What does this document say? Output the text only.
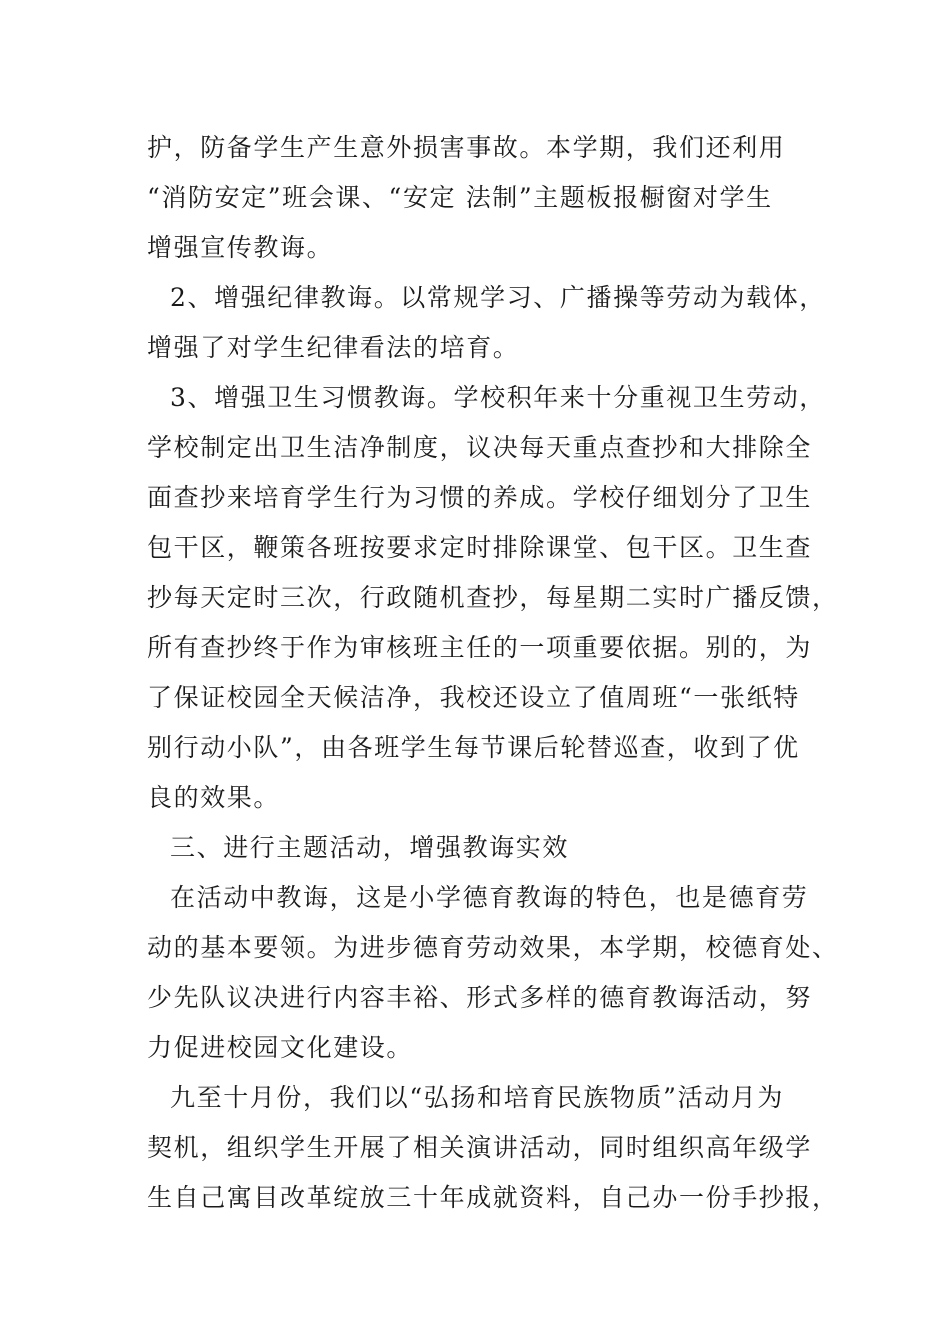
护，防备学生产生意外损害事故。本学期，我们还利用

“消防安定”班会课、“安定 法制”主题板报橱窗对学生

增强宣传教诲。

2、增强纪律教诲。以常规学习、广播操等劳动为载体，

增强了对学生纪律看法的培育。

3、增强卫生习惯教诲。学校积年来十分重视卫生劳动，

学校制定出卫生洁净制度，议决每天重点查抄和大排除全

面查抄来培育学生行为习惯的养成。学校仔细划分了卫生

包干区，鞭策各班按要求定时排除课堂、包干区。卫生查

抄每天定时三次，行政随机查抄，每星期二实时广播反馈，

所有查抄终于作为审核班主任的一项重要依据。别的，为

了保证校园全天候洁净，我校还设立了值周班“一张纸特

别行动小队”，由各班学生每节课后轮替巡查，收到了优

良的效果。

三、进行主题活动，增强教诲实效

在活动中教诲，这是小学德育教诲的特色，也是德育劳

动的基本要领。为进步德育劳动效果，本学期，校德育处、

少先队议决进行内容丰裕、形式多样的德育教诲活动，努

力促进校园文化建设。

九至十月份，我们以“弘扬和培育民族物质”活动月为

契机，组织学生开展了相关演讲活动，同时组织高年级学

生自己寓目改革绽放三十年成就资料，自己办一份手抄报，
